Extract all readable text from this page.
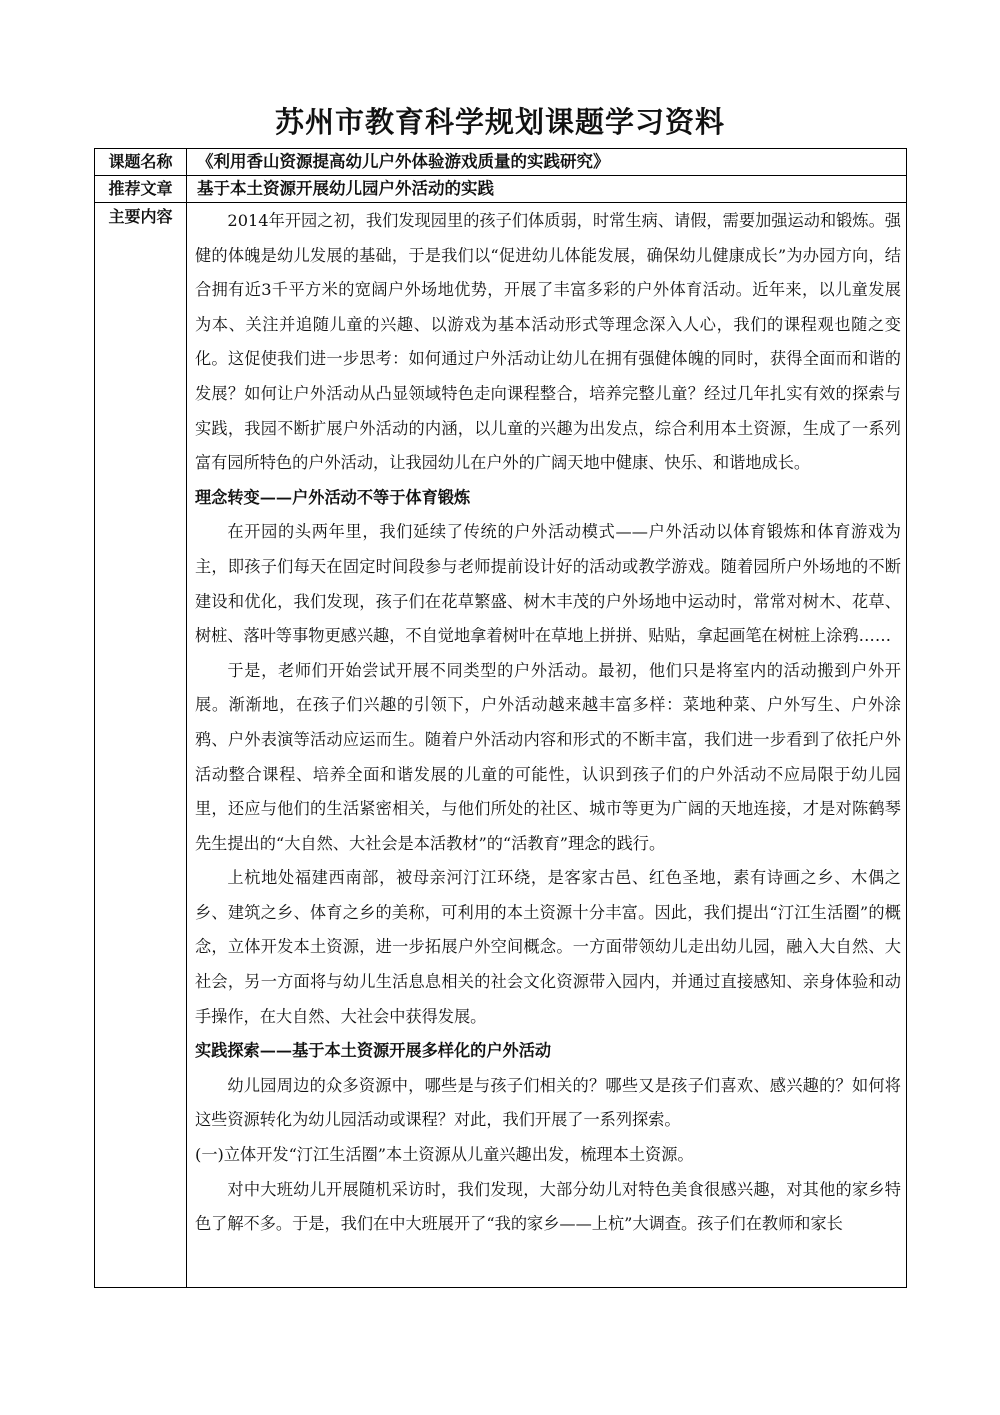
苏州市教育科学规划课题学习资料
课题名称	《利用香山资源提高幼儿户外体验游戏质量的实践研究》
推荐文章	基于本土资源开展幼儿园户外活动的实践
主要内容	2014年开园之初，我们发现园里的孩子们体质弱，时常生病、请假，需要加强运动和锻炼。强健的体魄是幼儿发展的基础，于是我们以“促进幼儿体能发展，确保幼儿健康成长”为办园方向，结合拥有近3千平方米的宽阔户外场地优势，开展了丰富多彩的户外体育活动。近年来，以儿童发展为本、关注并追随儿童的兴趣、以游戏为基本活动形式等理念深入人心，我们的课程观也随之变化。这促使我们进一步思考：如何通过户外活动让幼儿在拥有强健体魄的同时，获得全面而和谐的发展？如何让户外活动从凸显领域特色走向课程整合，培养完整儿童？经过几年扎实有效的探索与实践，我园不断扩展户外活动的内涵，以儿童的兴趣为出发点，综合利用本土资源，生成了一系列富有园所特色的户外活动，让我园幼儿在户外的广阔天地中健康、快乐、和谐地成长。

理念转变——户外活动不等于体育锻炼

在开园的头两年里，我们延续了传统的户外活动模式——户外活动以体育锻炼和体育游戏为主，即孩子们每天在固定时间段参与老师提前设计好的活动或教学游戏。随着园所户外场地的不断建设和优化，我们发现，孩子们在花草繁盛、树木丰茂的户外场地中运动时，常常对树木、花草、树桩、落叶等事物更感兴趣，不自觉地拿着树叶在草地上拼拼、贴贴，拿起画笔在树桩上涂鸦……

于是，老师们开始尝试开展不同类型的户外活动。最初，他们只是将室内的活动搬到户外开展。渐渐地，在孩子们兴趣的引领下，户外活动越来越丰富多样：菜地种菜、户外写生、户外涂鸦、户外表演等活动应运而生。随着户外活动内容和形式的不断丰富，我们进一步看到了依托户外活动整合课程、培养全面和谐发展的儿童的可能性，认识到孩子们的户外活动不应局限于幼儿园里，还应与他们的生活紧密相关，与他们所处的社区、城市等更为广阔的天地连接，才是对陈鹤琴先生提出的“大自然、大社会是本活教材”的“活教育”理念的践行。

上杭地处福建西南部，被母亲河汀江环绕，是客家古邑、红色圣地，素有诗画之乡、木偶之乡、建筑之乡、体育之乡的美称，可利用的本土资源十分丰富。因此，我们提出“汀江生活圈”的概念，立体开发本土资源，进一步拓展户外空间概念。一方面带领幼儿走出幼儿园，融入大自然、大社会，另一方面将与幼儿生活息息相关的社会文化资源带入园内，并通过直接感知、亲身体验和动手操作，在大自然、大社会中获得发展。

实践探索——基于本土资源开展多样化的户外活动

幼儿园周边的众多资源中，哪些是与孩子们相关的？哪些又是孩子们喜欢、感兴趣的？如何将这些资源转化为幼儿园活动或课程？对此，我们开展了一系列探索。

(一)立体开发“汀江生活圈”本土资源从儿童兴趣出发，梳理本土资源。

对中大班幼儿开展随机采访时，我们发现，大部分幼儿对特色美食很感兴趣，对其他的家乡特色了解不多。于是，我们在中大班展开了“我的家乡——上杭”大调查。孩子们在教师和家长
